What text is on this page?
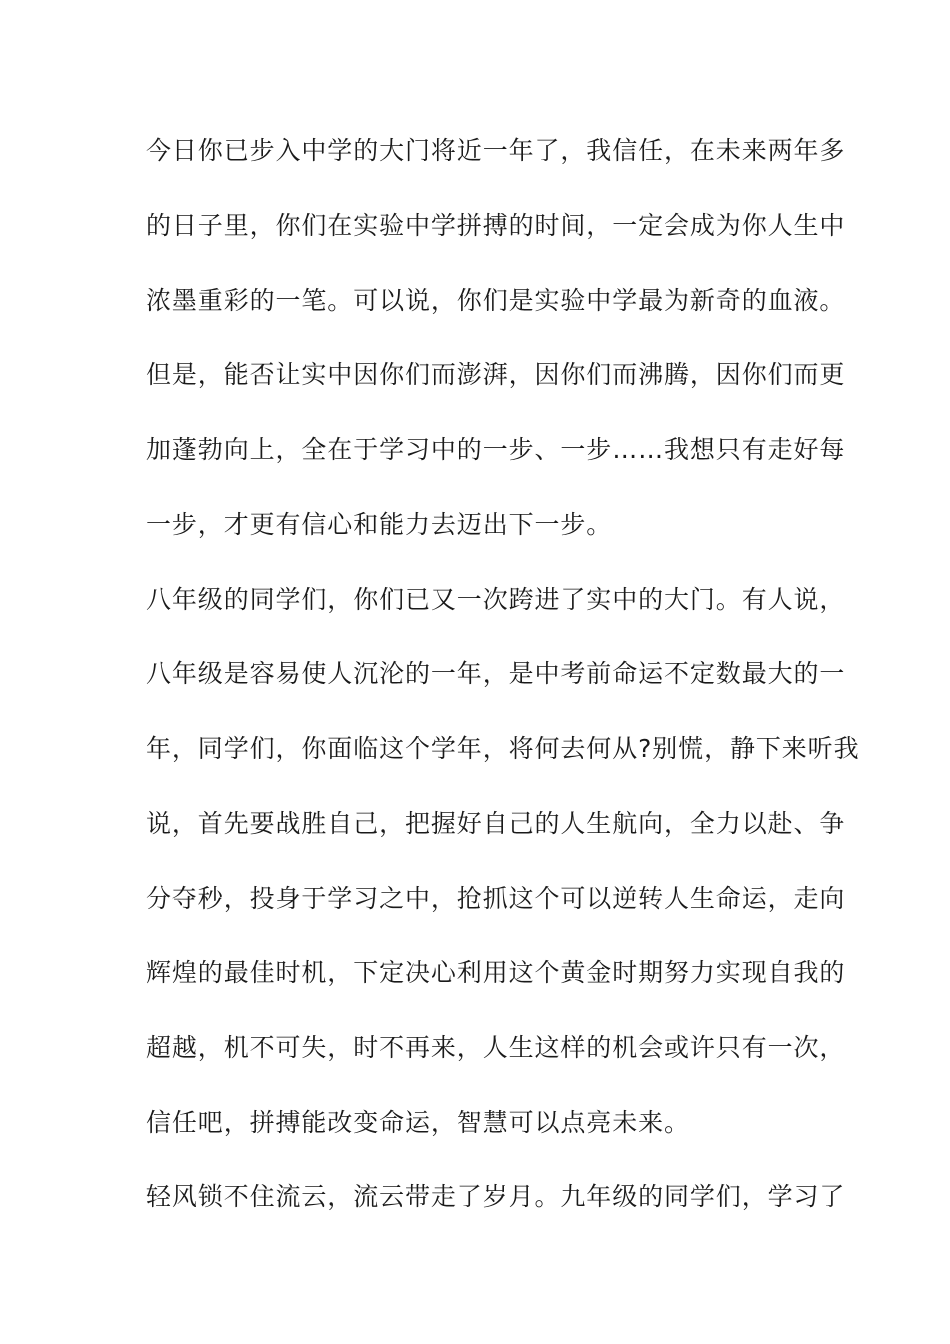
今日你已步入中学的大门将近一年了，我信任，在未来两年多
的日子里，你们在实验中学拼搏的时间，一定会成为你人生中
浓墨重彩的一笔。可以说，你们是实验中学最为新奇的血液。
但是，能否让实中因你们而澎湃，因你们而沸腾，因你们而更
加蓬勃向上，全在于学习中的一步、一步……我想只有走好每
一步，才更有信心和能力去迈出下一步。
八年级的同学们，你们已又一次跨进了实中的大门。有人说，
八年级是容易使人沉沦的一年，是中考前命运不定数最大的一
年，同学们，你面临这个学年，将何去何从?别慌，静下来听我
说，首先要战胜自己，把握好自己的人生航向，全力以赴、争
分夺秒，投身于学习之中，抢抓这个可以逆转人生命运，走向
辉煌的最佳时机，下定决心利用这个黄金时期努力实现自我的
超越，机不可失，时不再来，人生这样的机会或许只有一次，
信任吧，拼搏能改变命运，智慧可以点亮未来。
轻风锁不住流云，流云带走了岁月。九年级的同学们，学习了
